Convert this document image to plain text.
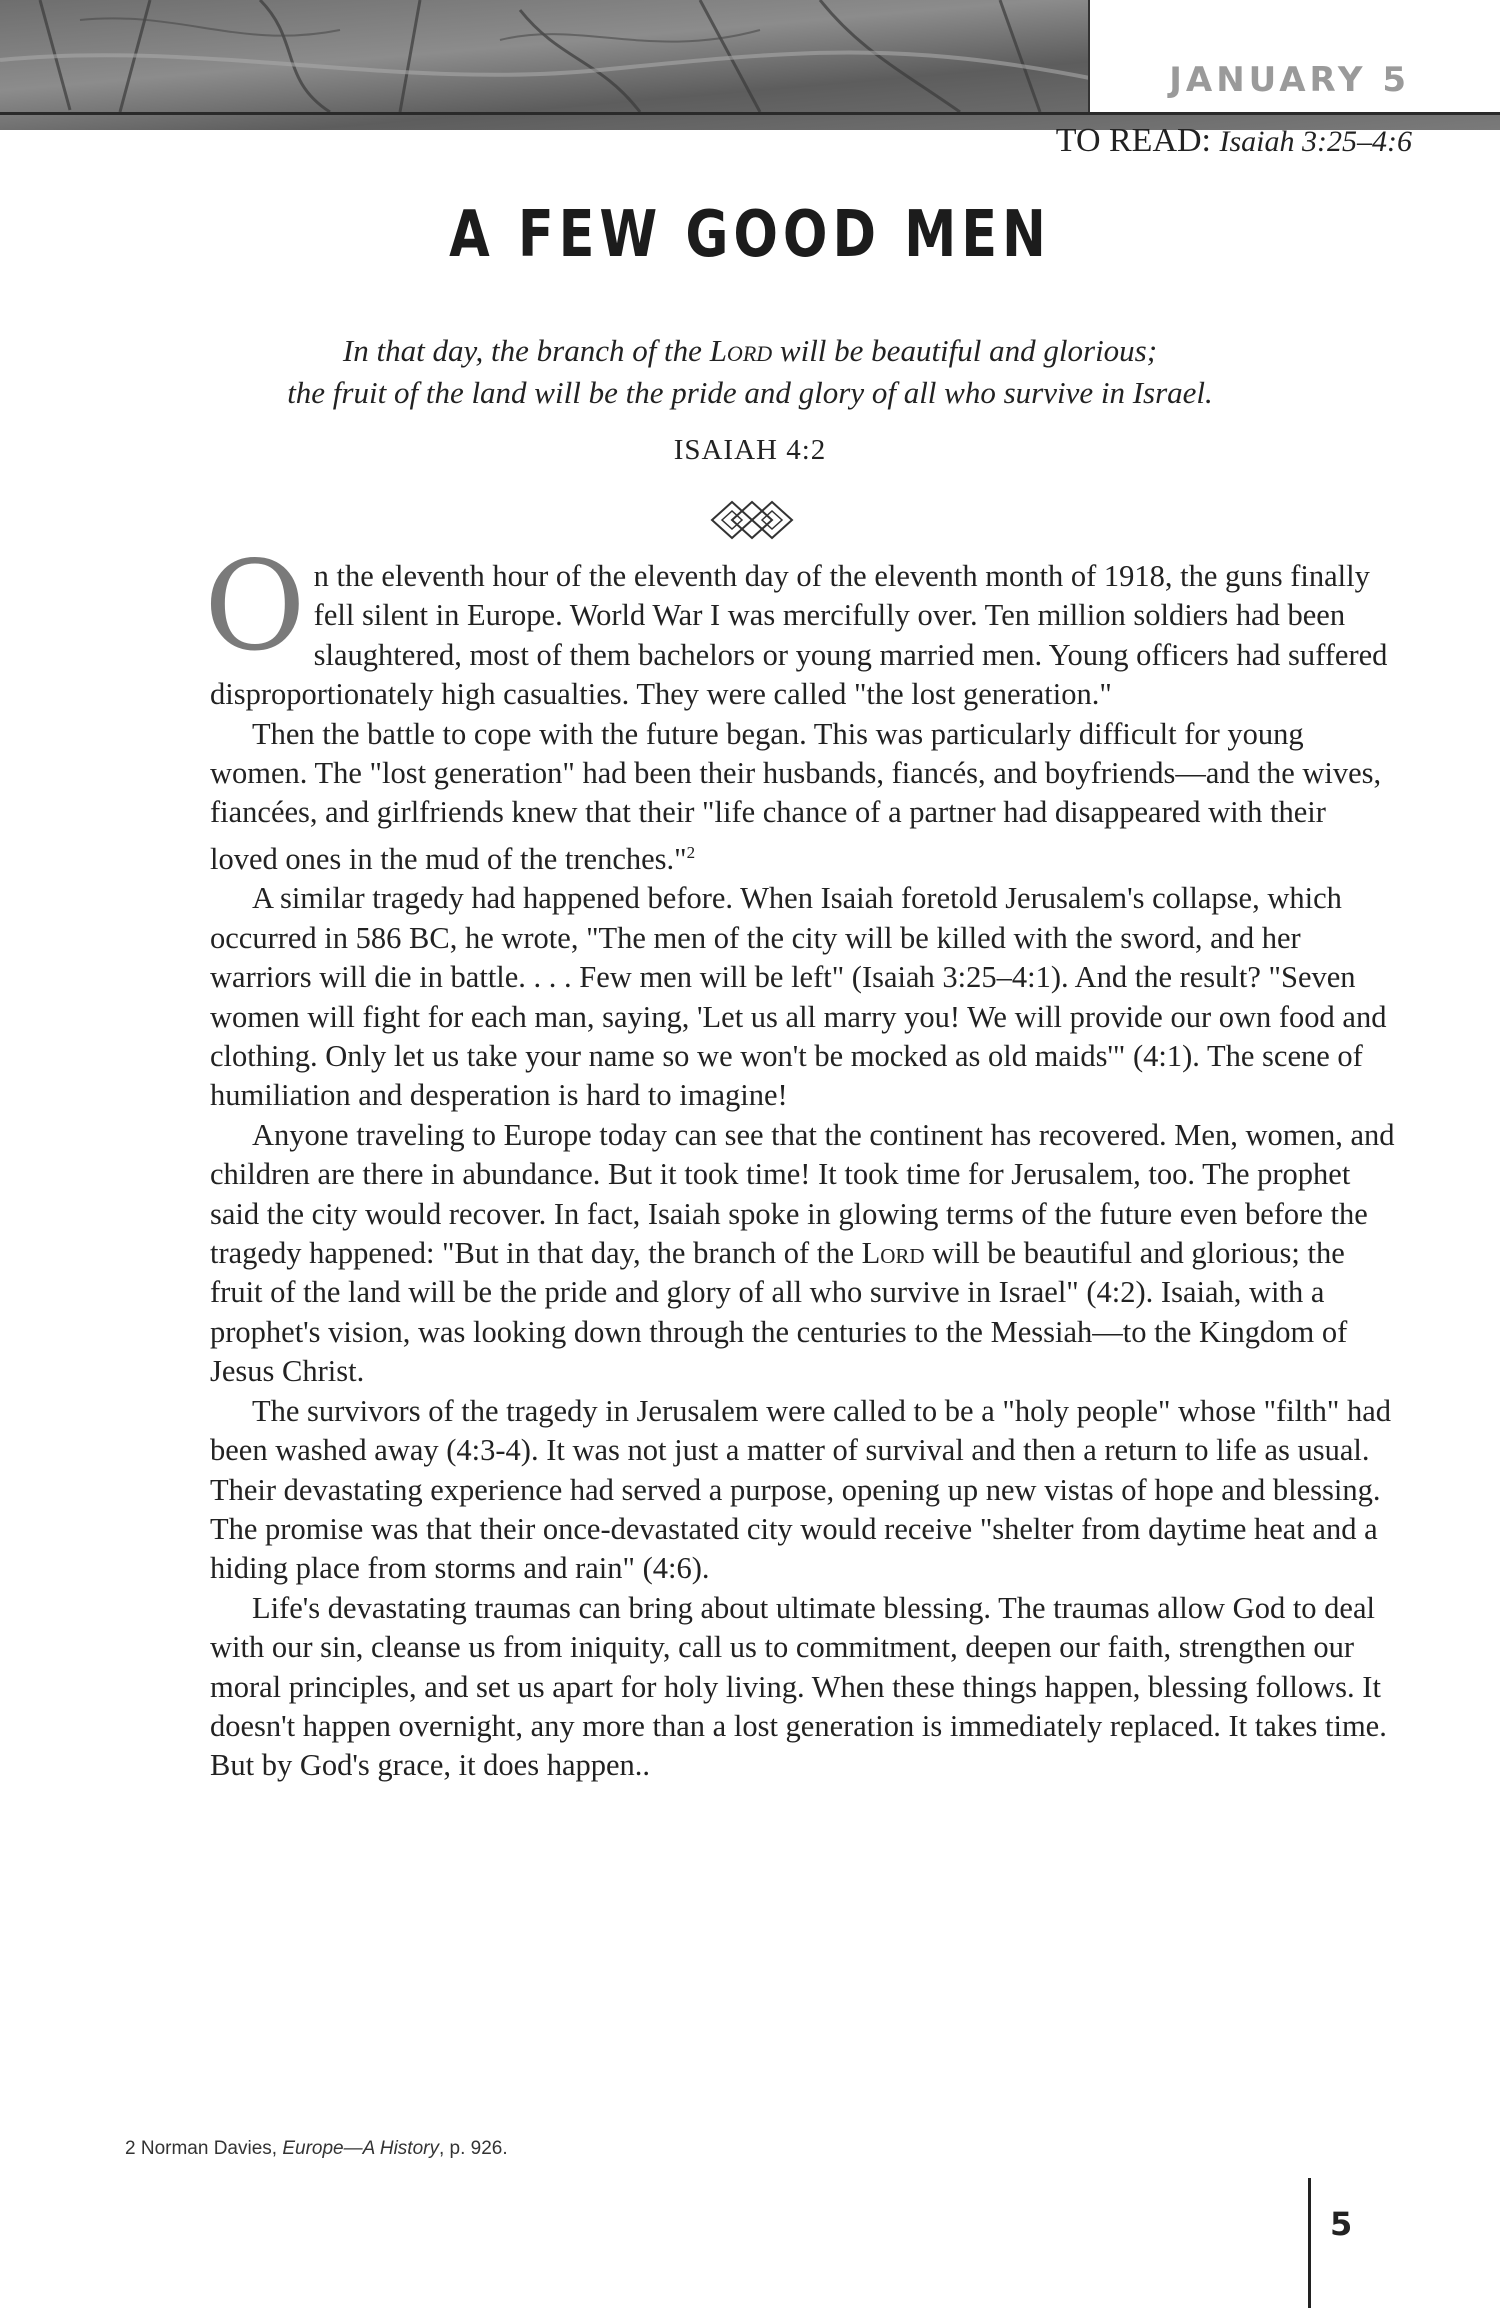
JANUARY 5
TO READ: Isaiah 3:25–4:6
A FEW GOOD MEN
In that day, the branch of the Lord will be beautiful and glorious;
the fruit of the land will be the pride and glory of all who survive in Israel.
ISAIAH 4:2

On the eleventh hour of the eleventh day of the eleventh month of 1918, the guns finally fell silent in Europe. World War I was mercifully over. Ten million soldiers had been slaughtered, most of them bachelors or young married men. Young officers had suffered disproportionately high casualties. They were called "the lost generation."

Then the battle to cope with the future began. This was particularly difficult for young women. The "lost generation" had been their husbands, fiancés, and boyfriends—and the wives, fiancées, and girlfriends knew that their "life chance of a partner had disappeared with their loved ones in the mud of the trenches."$^2$

A similar tragedy had happened before. When Isaiah foretold Jerusalem's collapse, which occurred in 586 BC, he wrote, "The men of the city will be killed with the sword, and her warriors will die in battle. . . . Few men will be left" (Isaiah 3:25–4:1). And the result? "Seven women will fight for each man, saying, 'Let us all marry you! We will provide our own food and clothing. Only let us take your name so we won't be mocked as old maids'" (4:1). The scene of humiliation and desperation is hard to imagine!

Anyone traveling to Europe today can see that the continent has recovered. Men, women, and children are there in abundance. But it took time! It took time for Jerusalem, too. The prophet said the city would recover. In fact, Isaiah spoke in glowing terms of the future even before the tragedy happened: "But in that day, the branch of the Lord will be beautiful and glorious; the fruit of the land will be the pride and glory of all who survive in Israel" (4:2). Isaiah, with a prophet's vision, was looking down through the centuries to the Messiah—to the Kingdom of Jesus Christ.

The survivors of the tragedy in Jerusalem were called to be a "holy people" whose "filth" had been washed away (4:3-4). It was not just a matter of survival and then a return to life as usual. Their devastating experience had served a purpose, opening up new vistas of hope and blessing. The promise was that their once-devastated city would receive "shelter from daytime heat and a hiding place from storms and rain" (4:6).

Life's devastating traumas can bring about ultimate blessing. The traumas allow God to deal with our sin, cleanse us from iniquity, call us to commitment, deepen our faith, strengthen our moral principles, and set us apart for holy living. When these things happen, blessing follows. It doesn't happen overnight, any more than a lost generation is immediately replaced. It takes time. But by God's grace, it does happen..

2 Norman Davies, Europe—A History, p. 926.
5
